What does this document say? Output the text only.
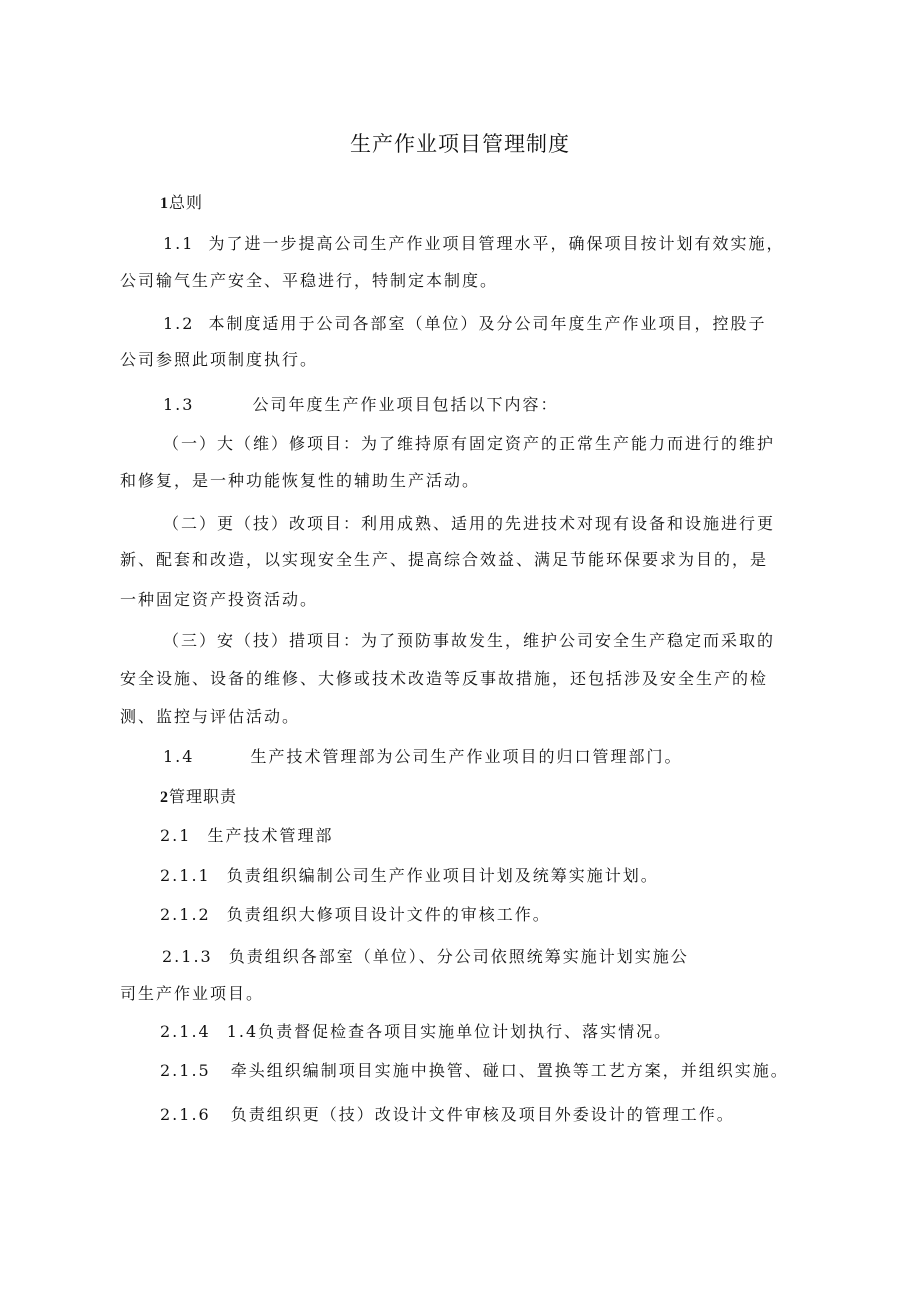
生产作业项目管理制度
1总则
1.1 为了进一步提高公司生产作业项目管理水平，确保项目按计划有效实施，
公司输气生产安全、平稳进行，特制定本制度。
1.2 本制度适用于公司各部室（单位）及分公司年度生产作业项目，控股子
公司参照此项制度执行。
1.3	公司年度生产作业项目包括以下内容：
（一）大（维）修项目：为了维持原有固定资产的正常生产能力而进行的维护
和修复，是一种功能恢复性的辅助生产活动。
（二）更（技）改项目：利用成熟、适用的先进技术对现有设备和设施进行更
新、配套和改造，以实现安全生产、提高综合效益、满足节能环保要求为目的，是
一种固定资产投资活动。
（三）安（技）措项目：为了预防事故发生，维护公司安全生产稳定而采取的
安全设施、设备的维修、大修或技术改造等反事故措施，还包括涉及安全生产的检
测、监控与评估活动。
1.4	生产技术管理部为公司生产作业项目的归口管理部门。
2管理职责
2.1 生产技术管理部
2.1.1 负责组织编制公司生产作业项目计划及统筹实施计划。
2.1.2 负责组织大修项目设计文件的审核工作。
2.1.3 负责组织各部室（单位）、分公司依照统筹实施计划实施公
司生产作业项目。
2.1.4 1.4负责督促检查各项目实施单位计划执行、落实情况。
2.1.5 牵头组织编制项目实施中换管、碰口、置换等工艺方案，并组织实施。
2.1.6 负责组织更（技）改设计文件审核及项目外委设计的管理工作。
